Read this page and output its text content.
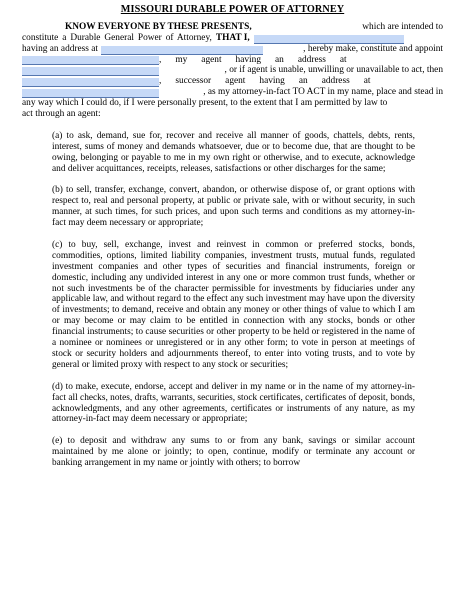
MISSOURI DURABLE POWER OF ATTORNEY
KNOW EVERYONE BY THESE PRESENTS,	which are intended to
constitute a Durable General Power of Attorney, THAT I,
having an address at	, hereby make, constitute and appoint
,      my      agent      having      an      address      at
, or if agent is unable, unwilling or unavailable to act, then
,      successor      agent      having      an      address      at
, as my attorney-in-fact TO ACT in my name, place and stead in
any way which I could do, if I were personally present, to the extent that I am permitted by law to
act through an agent:

(a) to ask, demand, sue for, recover and receive all manner of goods, chattels, debts, rents, interest, sums of money and demands whatsoever, due or to become due, that are thought to be owing, belonging or payable to me in my own right or otherwise, and to execute, acknowledge and deliver acquittances, receipts, releases, satisfactions or other discharges for the same;

(b) to sell, transfer, exchange, convert, abandon, or otherwise dispose of, or grant options with respect to, real and personal property, at public or private sale, with or without security, in such manner, at such times, for such prices, and upon such terms and conditions as my attorney-in-fact may deem necessary or appropriate;

(c) to buy, sell, exchange, invest and reinvest in common or preferred stocks, bonds, commodities, options, limited liability companies, investment trusts, mutual funds, regulated investment companies and other types of securities and financial instruments, foreign or domestic, including any undivided interest in any one or more common trust funds, whether or not such investments be of the character permissible for investments by fiduciaries under any applicable law, and without regard to the effect any such investment may have upon the diversity of investments; to demand, receive and obtain any money or other things of value to which I am or may become or may claim to be entitled in connection with any stocks, bonds or other financial instruments; to cause securities or other property to be held or registered in the name of a nominee or nominees or unregistered or in any other form; to vote in person at meetings of stock or security holders and adjournments thereof, to enter into voting trusts, and to vote by general or limited proxy with respect to any stock or securities;

(d) to make, execute, endorse, accept and deliver in my name or in the name of my attorney-in-fact all checks, notes, drafts, warrants, securities, stock certificates, certificates of deposit, bonds, acknowledgments, and any other agreements, certificates or instruments of any nature, as my attorney-in-fact may deem necessary or appropriate;

(e) to deposit and withdraw any sums to or from any bank, savings or similar account maintained by me alone or jointly; to open, continue, modify or terminate any account or banking arrangement in my name or jointly with others; to borrow
